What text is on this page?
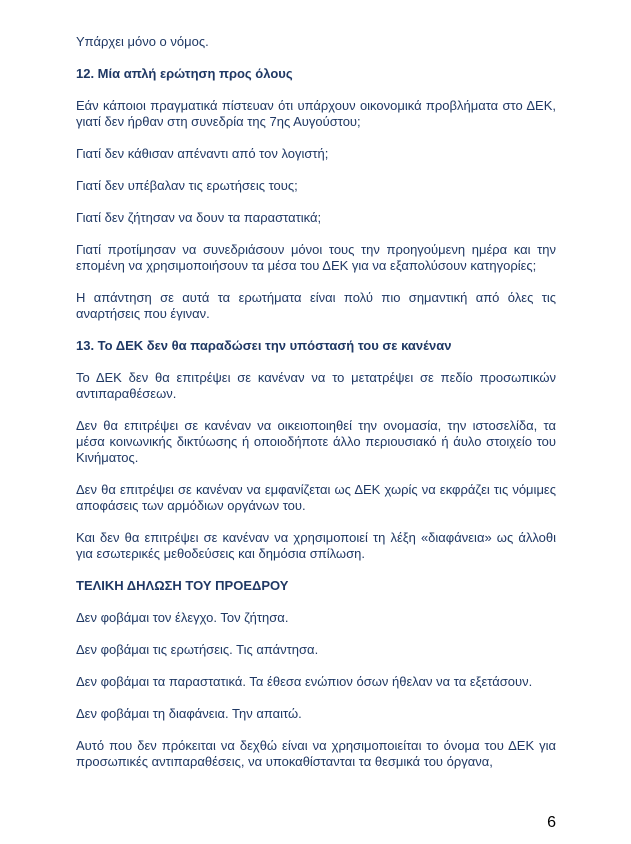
Υπάρχει μόνο ο νόμος.

12. Μία απλή ερώτηση προς όλους

Εάν κάποιοι πραγματικά πίστευαν ότι υπάρχουν οικονομικά προβλήματα στο ΔΕΚ, γιατί δεν ήρθαν στη συνεδρία της 7ης Αυγούστου;

Γιατί δεν κάθισαν απέναντι από τον λογιστή;

Γιατί δεν υπέβαλαν τις ερωτήσεις τους;

Γιατί δεν ζήτησαν να δουν τα παραστατικά;

Γιατί προτίμησαν να συνεδριάσουν μόνοι τους την προηγούμενη ημέρα και την επομένη να χρησιμοποιήσουν τα μέσα του ΔΕΚ για να εξαπολύσουν κατηγορίες;

Η απάντηση σε αυτά τα ερωτήματα είναι πολύ πιο σημαντική από όλες τις αναρτήσεις που έγιναν.

13. Το ΔΕΚ δεν θα παραδώσει την υπόστασή του σε κανέναν

Το ΔΕΚ δεν θα επιτρέψει σε κανέναν να το μετατρέψει σε πεδίο προσωπικών αντιπαραθέσεων.

Δεν θα επιτρέψει σε κανέναν να οικειοποιηθεί την ονομασία, την ιστοσελίδα, τα μέσα κοινωνικής δικτύωσης ή οποιοδήποτε άλλο περιουσιακό ή άυλο στοιχείο του Κινήματος.

Δεν θα επιτρέψει σε κανέναν να εμφανίζεται ως ΔΕΚ χωρίς να εκφράζει τις νόμιμες αποφάσεις των αρμόδιων οργάνων του.

Και δεν θα επιτρέψει σε κανέναν να χρησιμοποιεί τη λέξη «διαφάνεια» ως άλλοθι για εσωτερικές μεθοδεύσεις και δημόσια σπίλωση.

ΤΕΛΙΚΗ ΔΗΛΩΣΗ ΤΟΥ ΠΡΟΕΔΡΟΥ

Δεν φοβάμαι τον έλεγχο. Τον ζήτησα.

Δεν φοβάμαι τις ερωτήσεις. Τις απάντησα.

Δεν φοβάμαι τα παραστατικά. Τα έθεσα ενώπιον όσων ήθελαν να τα εξετάσουν.

Δεν φοβάμαι τη διαφάνεια. Την απαιτώ.

Αυτό που δεν πρόκειται να δεχθώ είναι να χρησιμοποιείται το όνομα του ΔΕΚ για προσωπικές αντιπαραθέσεις, να υποκαθίστανται τα θεσμικά του όργανα,

6
